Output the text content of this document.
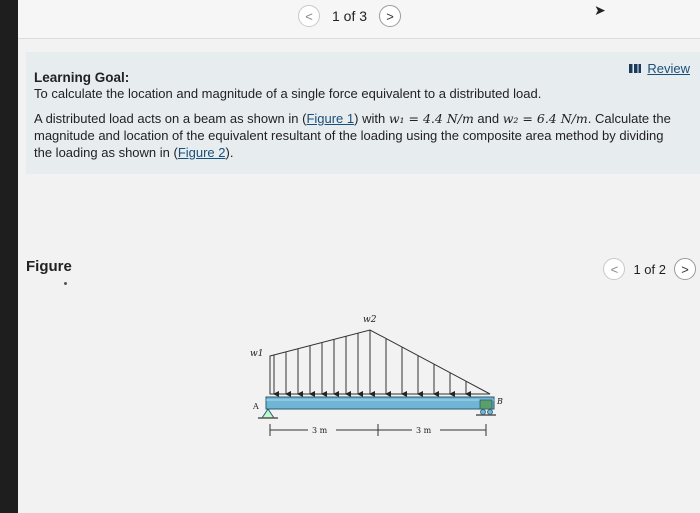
< 1 of 3 >	➤
Review
Learning Goal:
To calculate the location and magnitude of a single force equivalent to a distributed load.
A distributed load acts on a beam as shown in (Figure 1) with w₁ = 4.4 N/m and w₂ = 6.4 N/m. Calculate the magnitude and location of the equivalent resultant of the loading using the composite area method by dividing the loading as shown in (Figure 2).
Figure	< 1 of 2 >
w1
w2
A
B
3 m	3 m
